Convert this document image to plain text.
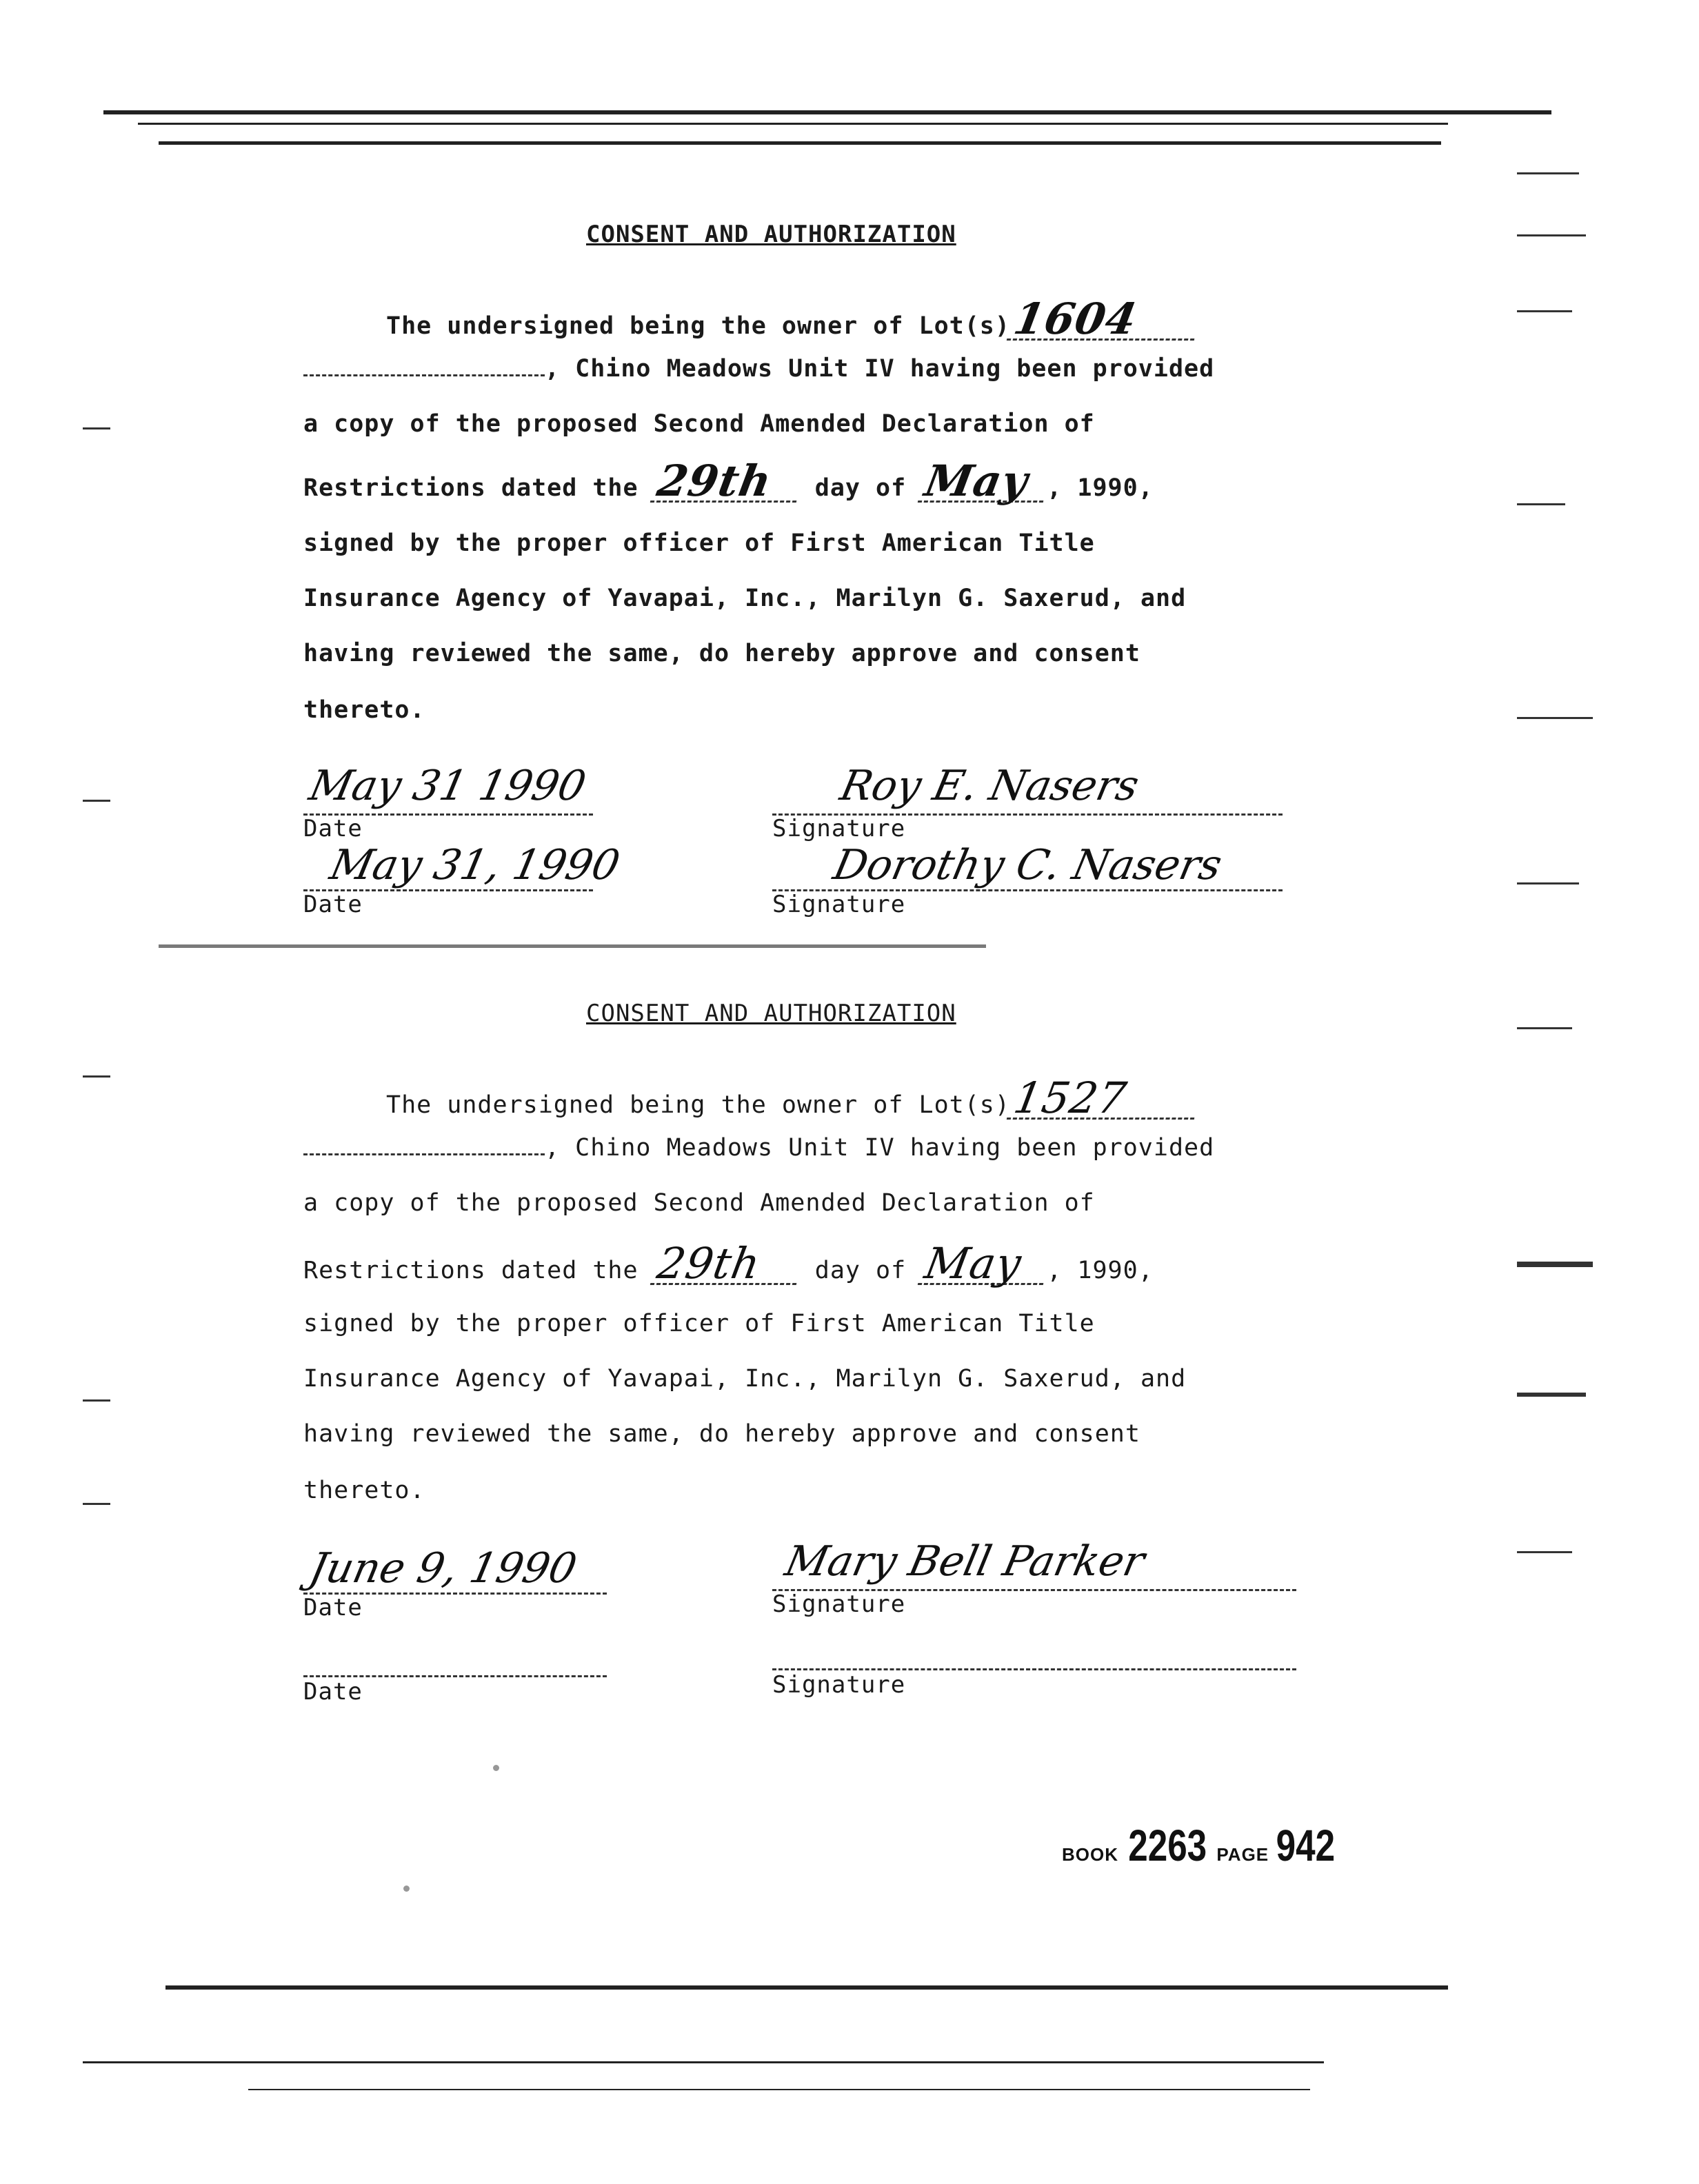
CONSENT AND AUTHORIZATION
The undersigned being the owner of Lot(s)1604
, Chino Meadows Unit IV having been provided
a copy of the proposed Second Amended Declaration of
Restrictions dated the 29th day of May , 1990,
signed by the proper officer of First American Title
Insurance Agency of Yavapai, Inc., Marilyn G. Saxerud, and
having reviewed the same, do hereby approve and consent
thereto.
May 31 1990
Date
Roy E. Nasers
Signature
May 31, 1990
Date
Dorothy C. Nasers
Signature
CONSENT AND AUTHORIZATION
The undersigned being the owner of Lot(s)1527
, Chino Meadows Unit IV having been provided
a copy of the proposed Second Amended Declaration of
Restrictions dated the 29th day of May , 1990,
signed by the proper officer of First American Title
Insurance Agency of Yavapai, Inc., Marilyn G. Saxerud, and
having reviewed the same, do hereby approve and consent
thereto.
June 9, 1990
Date
Mary Bell Parker
Signature
Date	Signature
BOOK 2263 PAGE 942
